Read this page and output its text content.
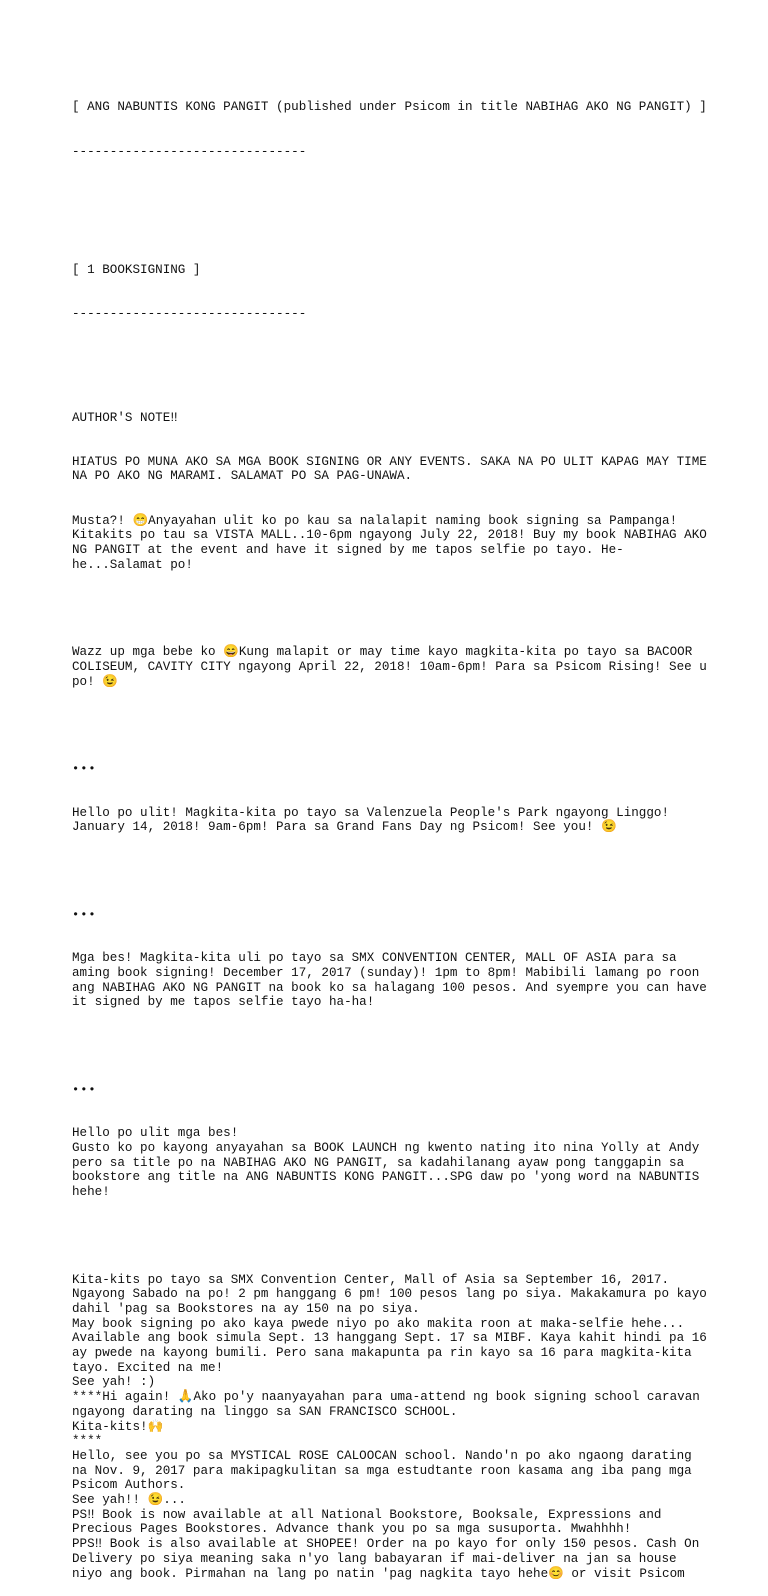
[ ANG NABUNTIS KONG PANGIT (published under Psicom in title NABIHAG AKO NG PANGIT) ]

-------------------------------

[ 1 BOOKSIGNING ]

-------------------------------

AUTHOR'S NOTE‼

HIATUS PO MUNA AKO SA MGA BOOK SIGNING OR ANY EVENTS. SAKA NA PO ULIT KAPAG MAY TIME NA PO AKO NG MARAMI. SALAMAT PO SA PAG-UNAWA.

Musta?! 😁Anyayahan ulit ko po kau sa nalalapit naming book signing sa Pampanga! Kitakits po tau sa VISTA MALL..10-6pm ngayong July 22, 2018! Buy my book NABIHAG AKO NG PANGIT at the event and have it signed by me tapos selfie po tayo. He-he...Salamat po!

Wazz up mga bebe ko 😄Kung malapit or may time kayo magkita-kita po tayo sa BACOOR COLISEUM, CAVITY CITY ngayong April 22, 2018! 10am-6pm! Para sa Psicom Rising! See u po! 😉

•••

Hello po ulit! Magkita-kita po tayo sa Valenzuela People's Park ngayong Linggo! January 14, 2018! 9am-6pm! Para sa Grand Fans Day ng Psicom! See you! 😉

•••

Mga bes! Magkita-kita uli po tayo sa SMX CONVENTION CENTER, MALL OF ASIA para sa aming book signing! December 17, 2017 (sunday)! 1pm to 8pm! Mabibili lamang po roon ang NABIHAG AKO NG PANGIT na book ko sa halagang 100 pesos. And syempre you can have it signed by me tapos selfie tayo ha-ha!

•••

Hello po ulit mga bes!
Gusto ko po kayong anyayahan sa BOOK LAUNCH ng kwento nating ito nina Yolly at Andy pero sa title po na NABIHAG AKO NG PANGIT, sa kadahilanang ayaw pong tanggapin sa bookstore ang title na ANG NABUNTIS KONG PANGIT...SPG daw po 'yong word na NABUNTIS hehe!

Kita-kits po tayo sa SMX Convention Center, Mall of Asia sa September 16, 2017. Ngayong Sabado na po! 2 pm hanggang 6 pm! 100 pesos lang po siya. Makakamura po kayo dahil 'pag sa Bookstores na ay 150 na po siya.
May book signing po ako kaya pwede niyo po ako makita roon at maka-selfie hehe...
Available ang book simula Sept. 13 hanggang Sept. 17 sa MIBF. Kaya kahit hindi pa 16 ay pwede na kayong bumili. Pero sana makapunta pa rin kayo sa 16 para magkita-kita tayo. Excited na me!
See yah! :)
****Hi again! 🙏Ako po'y naanyayahan para uma-attend ng book signing school caravan ngayong darating na linggo sa SAN FRANCISCO SCHOOL.
Kita-kits!🙌
****
Hello, see you po sa MYSTICAL ROSE CALOOCAN school. Nando'n po ako ngaong darating na Nov. 9, 2017 para makipagkulitan sa mga estudtante roon kasama ang iba pang mga Psicom Authors.
See yah!! 😉...
PS‼ Book is now available at all National Bookstore, Booksale, Expressions and Precious Pages Bookstores. Advance thank you po sa mga susuporta. Mwahhhh!
PPS‼ Book is also available at SHOPEE! Order na po kayo for only 150 pesos. Cash On Delivery po siya meaning saka n'yo lang babayaran if mai-deliver na jan sa house niyo ang book. Pirmahan na lang po natin 'pag nagkita tayo hehe😊 or visit Psicom
